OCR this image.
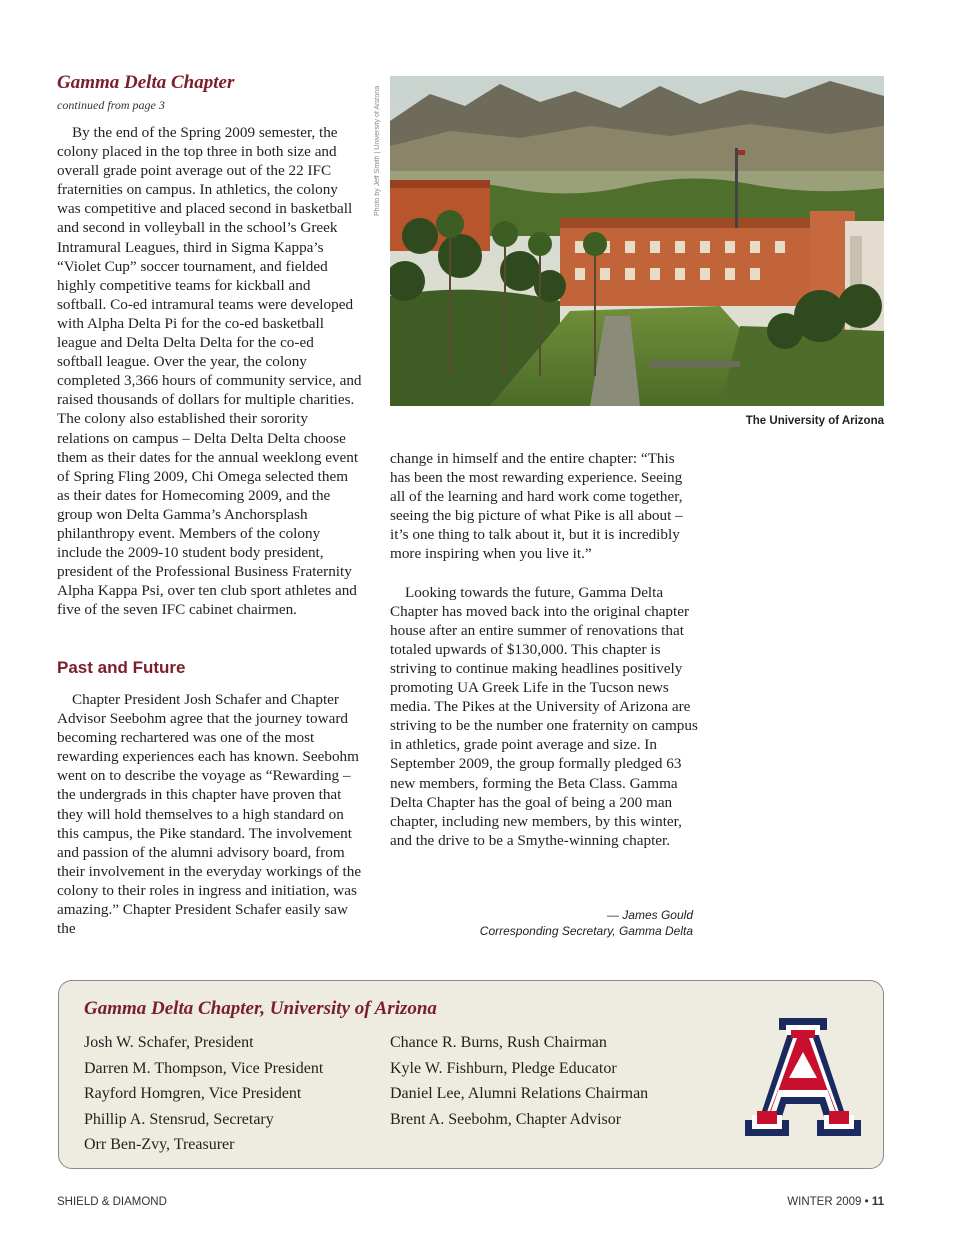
Gamma Delta Chapter
continued from page 3

By the end of the Spring 2009 semester, the colony placed in the top three in both size and overall grade point average out of the 22 IFC fraternities on campus. In athletics, the colony was competitive and placed second in basketball and second in volleyball in the school’s Greek Intramural Leagues, third in Sigma Kappa’s “Violet Cup” soccer tournament, and fielded highly competitive teams for kickball and softball. Co-ed intramural teams were developed with Alpha Delta Pi for the co-ed basketball league and Delta Delta Delta for the co-ed softball league. Over the year, the colony completed 3,366 hours of community service, and raised thousands of dollars for multiple charities. The colony also established their sorority relations on campus – Delta Delta Delta choose them as their dates for the annual weeklong event of Spring Fling 2009, Chi Omega selected them as their dates for Homecoming 2009, and the group won Delta Gamma’s Anchorsplash philanthropy event. Members of the colony include the 2009-10 student body president, president of the Professional Business Fraternity Alpha Kappa Psi, over ten club sport athletes and five of the seven IFC cabinet chairmen.

Past and Future

Chapter President Josh Schafer and Chapter Advisor Seebohm agree that the journey toward becoming rechartered was one of the most rewarding experiences each has known. Seebohm went on to describe the voyage as “Rewarding – the undergrads in this chapter have proven that they will hold themselves to a high standard on this campus, the Pike standard. The involvement and passion of the alumni advisory board, from their involvement in the everyday workings of the colony to their roles in ingress and initiation, was amazing.” Chapter President Schafer easily saw the

Photo by Jeff Smith | University of Arizona
The University of Arizona

change in himself and the entire chapter: “This has been the most rewarding experience. Seeing all of the learning and hard work come together, seeing the big picture of what Pike is all about – it’s one thing to talk about it, but it is incredibly more inspiring when you live it.”

Looking towards the future, Gamma Delta Chapter has moved back into the original chapter house after an entire summer of renovations that totaled upwards of $130,000. This chapter is striving to continue making headlines positively promoting UA Greek Life in the Tucson news media. The Pikes at the University of Arizona are striving to be the number one fraternity on campus in athletics, grade point average and size. In September 2009, the group formally pledged 63 new members, forming the Beta Class. Gamma Delta Chapter has the goal of being a 200 man chapter, including new members, by this winter, and the drive to be a Smythe-winning chapter.

— James Gould
Corresponding Secretary, Gamma Delta
Gamma Delta Chapter, University of Arizona
Josh W. Schafer, President
Darren M. Thompson, Vice President
Rayford Homgren, Vice President
Phillip A. Stensrud, Secretary
Orr Ben-Zvy, Treasurer
Chance R. Burns, Rush Chairman
Kyle W. Fishburn, Pledge Educator
Daniel Lee, Alumni Relations Chairman
Brent A. Seebohm, Chapter Advisor
SHIELD & DIAMOND	WINTER 2009 • 11
